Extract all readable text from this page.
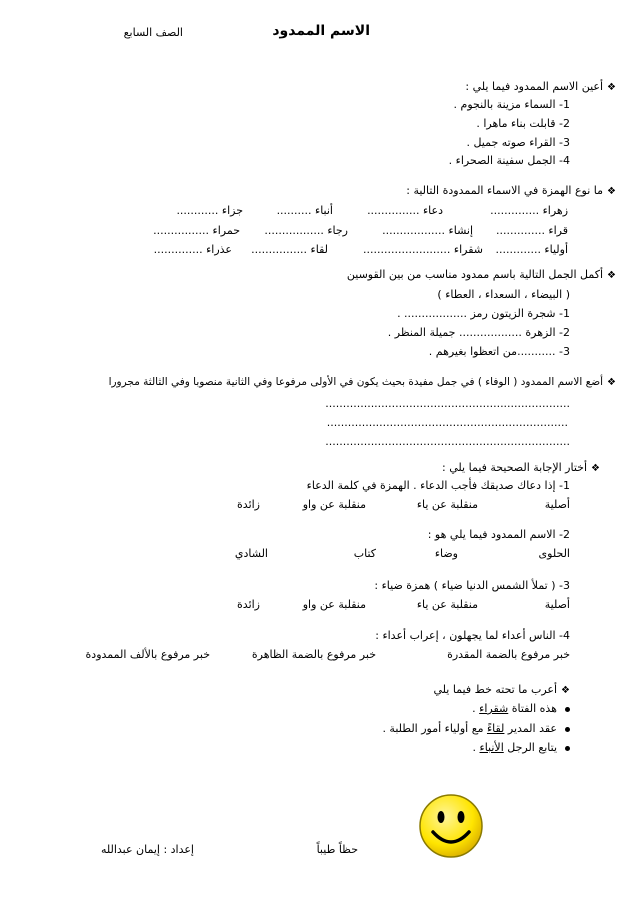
الاسم الممدود
الصف السابع
❖أعين الاسم الممدود فيما يلي :
1- السماء مزينة بالنجوم .
2- قابلت بناء ماهرا .
3- القراء صوته جميل .
4- الجمل سفينة الصحراء .
❖ما نوع الهمزة في الاسماء الممدودة التالية :
زهراء ..............
دعاء ...............
أنباء ..........
جزاء ............
قراء ..............
إنشاء ..................
رجاء .................
حمراء ................
أولياء .............
شقراء .........................
لقاء ................
عذراء ..............
❖أكمل الجمل التالية باسم ممدود مناسب من بين القوسين
( البيضاء ، السعداء ، العطاء )
1- شجرة الزيتون رمز .................. .
2- الزهرة .................. جميلة المنظر .
3- ...........من اتعظوا بغيرهم .
❖أضع الاسم الممدود ( الوفاء ) في جمل مفيدة بحيث يكون في الأولى مرفوعا وفي الثانية منصوبا وفي الثالثة مجرورا
......................................................................
.....................................................................
......................................................................
❖أختار الإجابة الصحيحة فيما يلي :
1- إذا دعاك صديقك فأجب الدعاء . الهمزة في كلمة الدعاء
أصلية
منقلبة عن ياء
منقلبة عن واو
زائدة
2- الاسم الممدود فيما يلي هو :
الحلوى
وضاء
كتاب
الشادي
3- ( تملأ الشمس الدنيا ضياء ) همزة ضياء :
أصلية
منقلبة عن ياء
منقلبة عن واو
زائدة
4- الناس أعداء لما يجهلون ، إعراب أعداء :
خبر مرفوع بالضمة المقدرة
خبر مرفوع بالضمة الظاهرة
خبر مرفوع بالألف الممدودة
❖أعرب ما تحته خط فيما يلي
هذه الفتاة شقراء .
عقد المدير لقاءً مع أولياء أمور الطلبة .
يتابع الرجل الأنباء .
حظاً طيباً
إعداد : إيمان عبدالله
